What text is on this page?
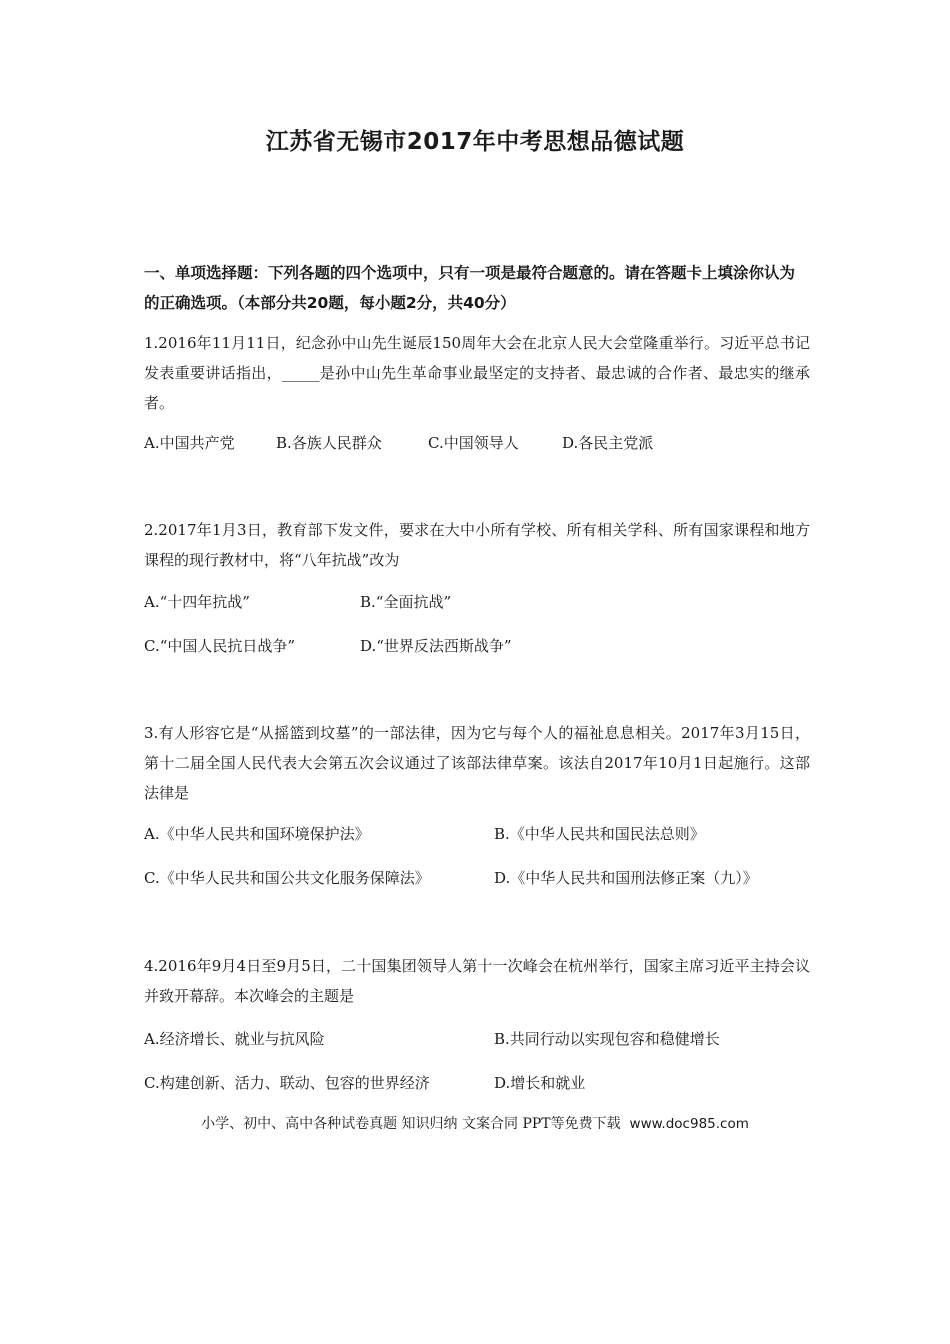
江苏省无锡市2017年中考思想品德试题
一、单项选择题：下列各题的四个选项中，只有一项是最符合题意的。请在答题卡上填涂你认为的正确选项。（本部分共20题，每小题2分，共40分）
1.2016年11月11日，纪念孙中山先生诞辰150周年大会在北京人民大会堂隆重举行。习近平总书记发表重要讲话指出，_____是孙中山先生革命事业最坚定的支持者、最忠诚的合作者、最忠实的继承者。
A.中国共产党	B.各族人民群众	C.中国领导人	D.各民主党派
2.2017年1月3日，教育部下发文件，要求在大中小所有学校、所有相关学科、所有国家课程和地方课程的现行教材中，将“八年抗战”改为
A.“十四年抗战”	B.“全面抗战”
C.“中国人民抗日战争”	D.“世界反法西斯战争”
3.有人形容它是“从摇篮到坟墓”的一部法律，因为它与每个人的福祉息息相关。2017年3月15日，第十二届全国人民代表大会第五次会议通过了该部法律草案。该法自2017年10月1日起施行。这部法律是
A.《中华人民共和国环境保护法》	B.《中华人民共和国民法总则》
C.《中华人民共和国公共文化服务保障法》	D.《中华人民共和国刑法修正案（九）》
4.2016年9月4日至9月5日，二十国集团领导人第十一次峰会在杭州举行，国家主席习近平主持会议并致开幕辞。本次峰会的主题是
A.经济增长、就业与抗风险	B.共同行动以实现包容和稳健增长
C.构建创新、活力、联动、包容的世界经济	D.增长和就业
小学、初中、高中各种试卷真题 知识归纳 文案合同 PPT等免费下载 www.doc985.com
